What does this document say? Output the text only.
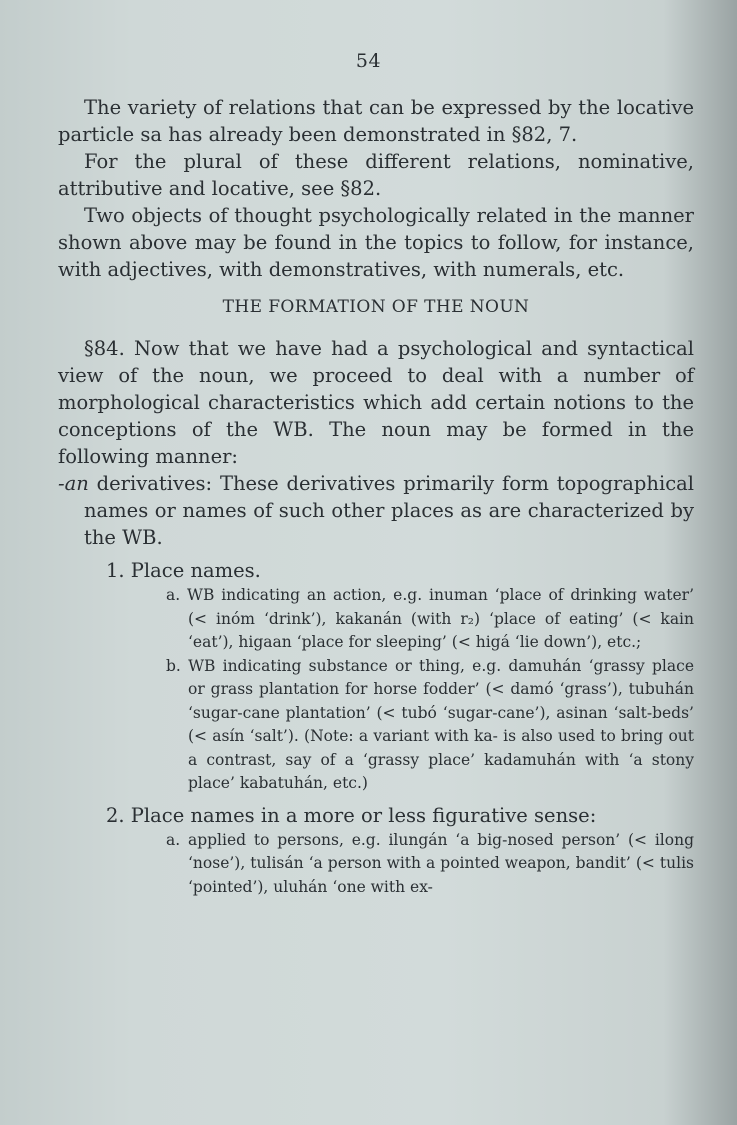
54

The variety of relations that can be expressed by the locative particle sa has already been demonstrated in §82, 7.

For the plural of these different relations, nominative, attributive and locative, see §82.

Two objects of thought psychologically related in the manner shown above may be found in the topics to follow, for instance, with adjectives, with demonstratives, with numerals, etc.

THE FORMATION OF THE NOUN

§84. Now that we have had a psychological and syntactical view of the noun, we proceed to deal with a number of morphological characteristics which add certain notions to the conceptions of the WB. The noun may be formed in the following manner:

-an derivatives: These derivatives primarily form topographical names or names of such other places as are characterized by the WB.

1. Place names.

a. WB indicating an action, e.g. inuman ‘place of drinking water’ (< inóm ‘drink’), kakanán (with r₂) ‘place of eating’ (< kain ‘eat’), higaan ‘place for sleeping’ (< higá ‘lie down’), etc.;

b. WB indicating substance or thing, e.g. damuhán ‘grassy place or grass plantation for horse fodder’ (< damó ‘grass’), tubuhán ‘sugar-cane plantation’ (< tubó ‘sugar-cane’), asinan ‘salt-beds’ (< asín ‘salt’). (Note: a variant with ka- is also used to bring out a contrast, say of a ‘grassy place’ kadamuhán with ‘a stony place’ kabatuhán, etc.)

2. Place names in a more or less figurative sense:

a. applied to persons, e.g. ilungán ‘a big-nosed person’ (< ilong ‘nose’), tulisán ‘a person with a pointed weapon, bandit’ (< tulis ‘pointed’), uluhán ‘one with ex-
